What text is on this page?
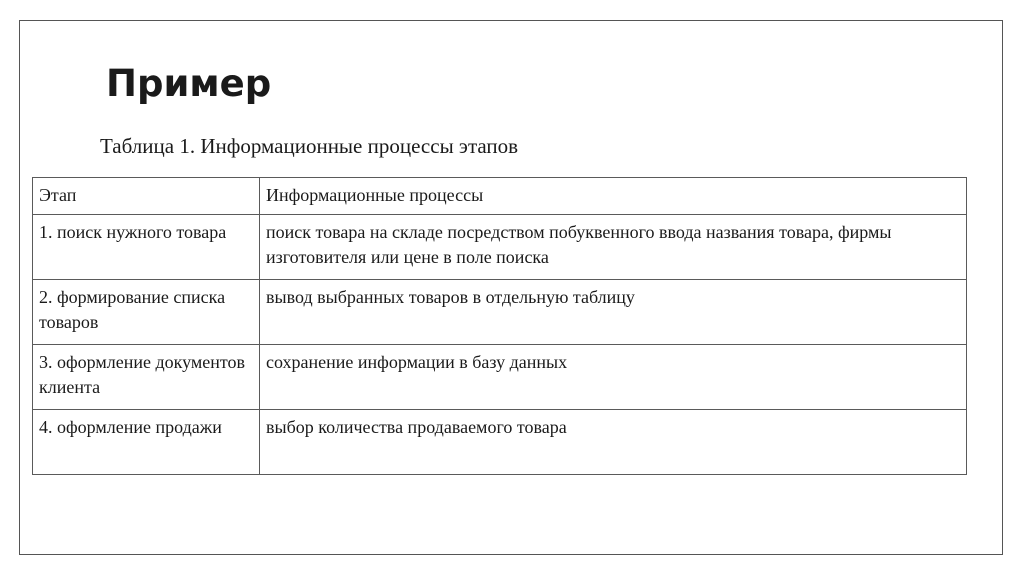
Пример
Таблица 1. Информационные процессы этапов
Этап	Информационные процессы
1. поиск нужного товара	поиск товара на складе посредством побуквенного ввода названия товара, фирмы изготовителя или цене в поле поиска
2. формирование списка товаров	вывод выбранных товаров в отдельную таблицу
3. оформление документов клиента	сохранение информации в базу данных
4. оформление продажи	выбор количества продаваемого товара
